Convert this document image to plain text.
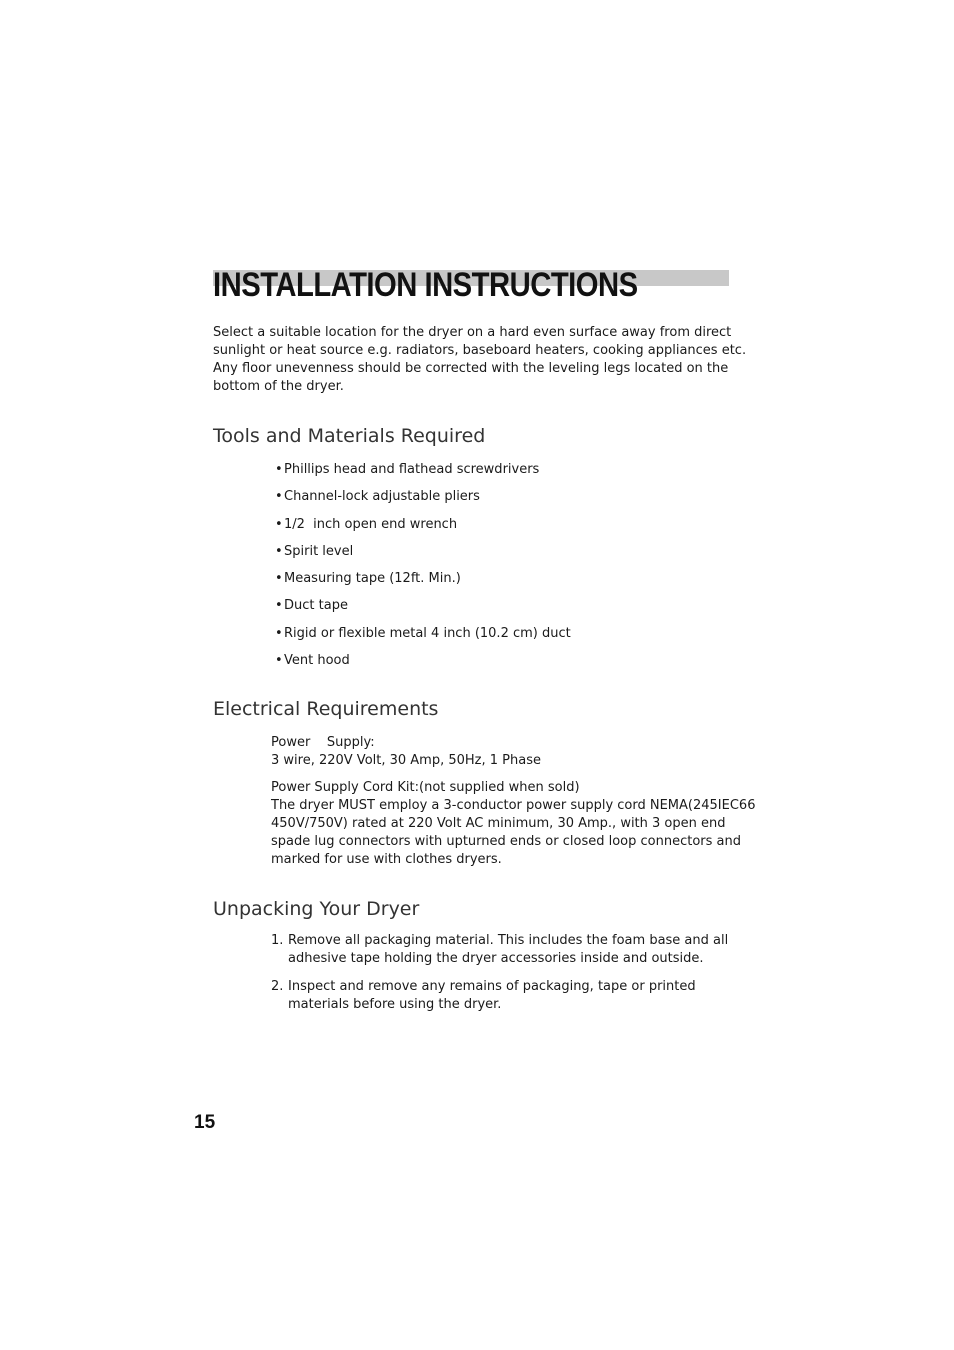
INSTALLATION INSTRUCTIONS

Select a suitable location for the dryer on a hard even surface away from direct sunlight or heat source e.g. radiators, baseboard heaters, cooking appliances etc. Any floor unevenness should be corrected with the leveling legs located on the bottom of the dryer.

Tools and Materials Required
•Phillips head and flathead screwdrivers
•Channel-lock adjustable pliers
•1/2  inch open end wrench
•Spirit level
•Measuring tape (12ft. Min.)
•Duct tape
•Rigid or flexible metal 4 inch (10.2 cm) duct
•Vent hood
Electrical Requirements

Power    Supply:

3 wire, 220V Volt, 30 Amp, 50Hz, 1 Phase

Power Supply Cord Kit:(not supplied when sold)

The dryer MUST employ a 3-conductor power supply cord NEMA(245IEC66 450V/750V) rated at 220 Volt AC minimum, 30 Amp., with 3 open end spade lug connectors with upturned ends or closed loop connectors and marked for use with clothes dryers.

Unpacking Your Dryer
1. Remove all packaging material. This includes the foam base and all adhesive tape holding the dryer accessories inside and outside.
2. Inspect and remove any remains of packaging, tape or printed materials before using the dryer.

15
